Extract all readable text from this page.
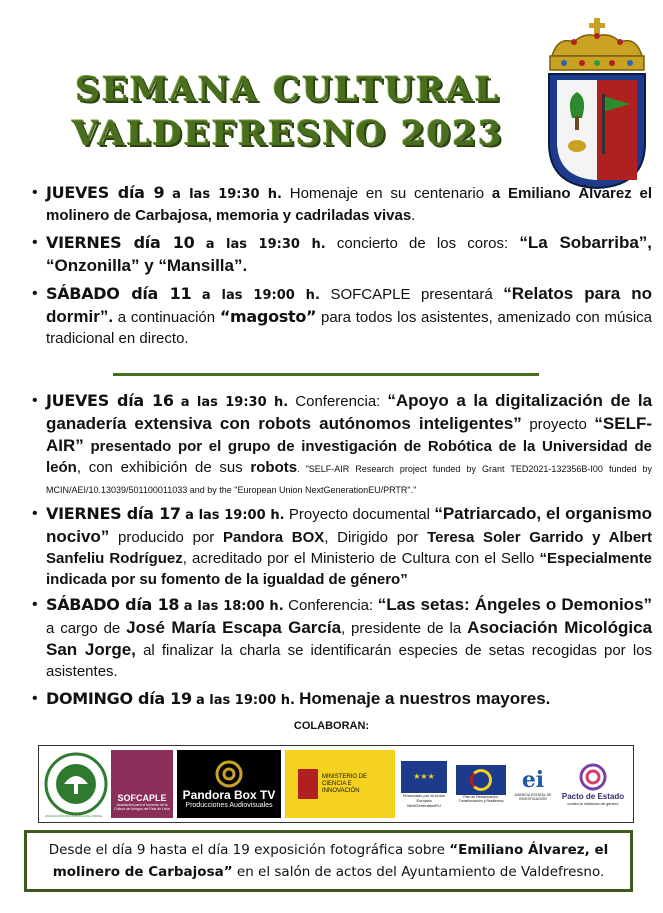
SEMANA CULTURAL
VALDEFRESNO 2023
• JUEVES día 9 a las 19:30 h. Homenaje en su centenario a Emiliano Álvarez el molinero de Carbajosa, memoria y cadriladas vivas.
• VIERNES día 10 a las 19:30 h. concierto de los coros: “La Sobarriba”, “Onzonilla” y “Mansilla”.
• SÁBADO día 11 a las 19:00 h. SOFCAPLE presentará “Relatos para no dormir”. a continuación “magosto” para todos los asistentes, amenizado con música tradicional en directo.
• JUEVES día 16 a las 19:30 h. Conferencia: “Apoyo a la digitalización de la ganadería extensiva con robots autónomos inteligentes” proyecto “SELF-AIR” presentado por el grupo de investigación de Robótica de la Universidad de león, con exhibición de sus robots. "SELF-AIR Research project funded by Grant TED2021-132356B-I00 funded by MCIN/AEI/10.13039/501100011033 and by the "European Union NextGenerationEU/PRTR"."
• VIERNES día 17 a las 19:00 h. Proyecto documental “Patriarcado, el organismo nocivo” producido por Pandora BOX, Dirigido por Teresa Soler Garrido y Albert Sanfeliu Rodríguez, acreditado por el Ministerio de Cultura con el Sello “Especialmente indicada por su fomento de la igualdad de género”
• SÁBADO día 18 a las 18:00 h. Conferencia: “Las setas: Ángeles o Demonios” a cargo de José María Escapa García, presidente de la Asociación Micológica San Jorge, al finalizar la charla se identificarán especies de setas recogidas por los asistentes.
• DOMINGO día 19 a las 19:00 h. Homenaje a nuestros mayores.
COLABORAN:
ASOCIACIÓN MICOLÓGICA SAN JORGE
SOFCAPLE
Asociación para el fomento de la Cultura de Amigos del País de León
Pandora Box TV
Producciones Audiovisuales
MINISTERIO DE CIENCIA E INNOVACIÓN
★★★
Financiado por la Unión Europea
NextGenerationEU
Plan de Recuperación, Transformación y Resiliencia
ei
AGENCIA ESTATAL DE INVESTIGACIÓN	Pacto de Estado
contra la violencia de género
Desde el día 9 hasta el día 19 exposición fotográfica sobre “Emiliano Álvarez, el molinero de Carbajosa” en el salón de actos del Ayuntamiento de Valdefresno.
